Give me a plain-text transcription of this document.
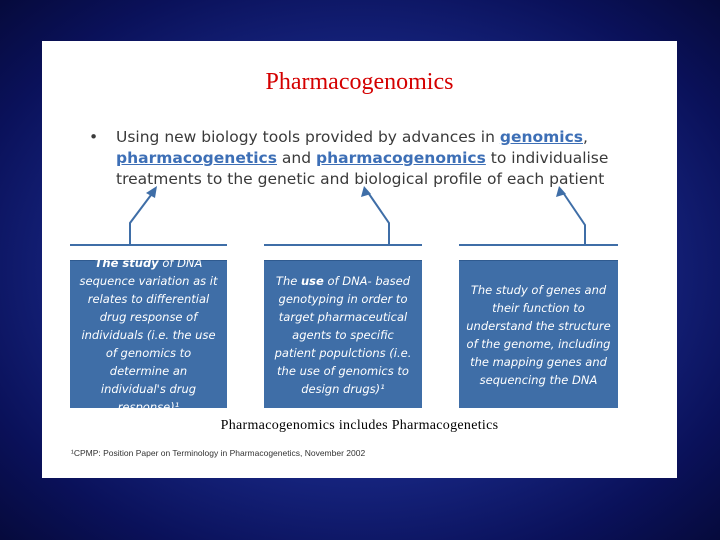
Pharmacogenomics
• Using new biology tools provided by advances in genomics, pharmacogenetics and pharmacogenomics to individualise treatments to the genetic and biological profile of each patient
The study of DNA sequence variation as it relates to differential drug response of individuals (i.e. the use of genomics to determine an individual's drug response)¹
The use of DNA- based genotyping in order to target pharmaceutical agents to specific patient populctions (i.e. the use of genomics to design drugs)¹
The study of genes and their function to understand the structure of the genome, including the mapping genes and sequencing the DNA
Pharmacogenomics includes Pharmacogenetics
¹CPMP: Position Paper on Terminology in Pharmacogenetics, November 2002
